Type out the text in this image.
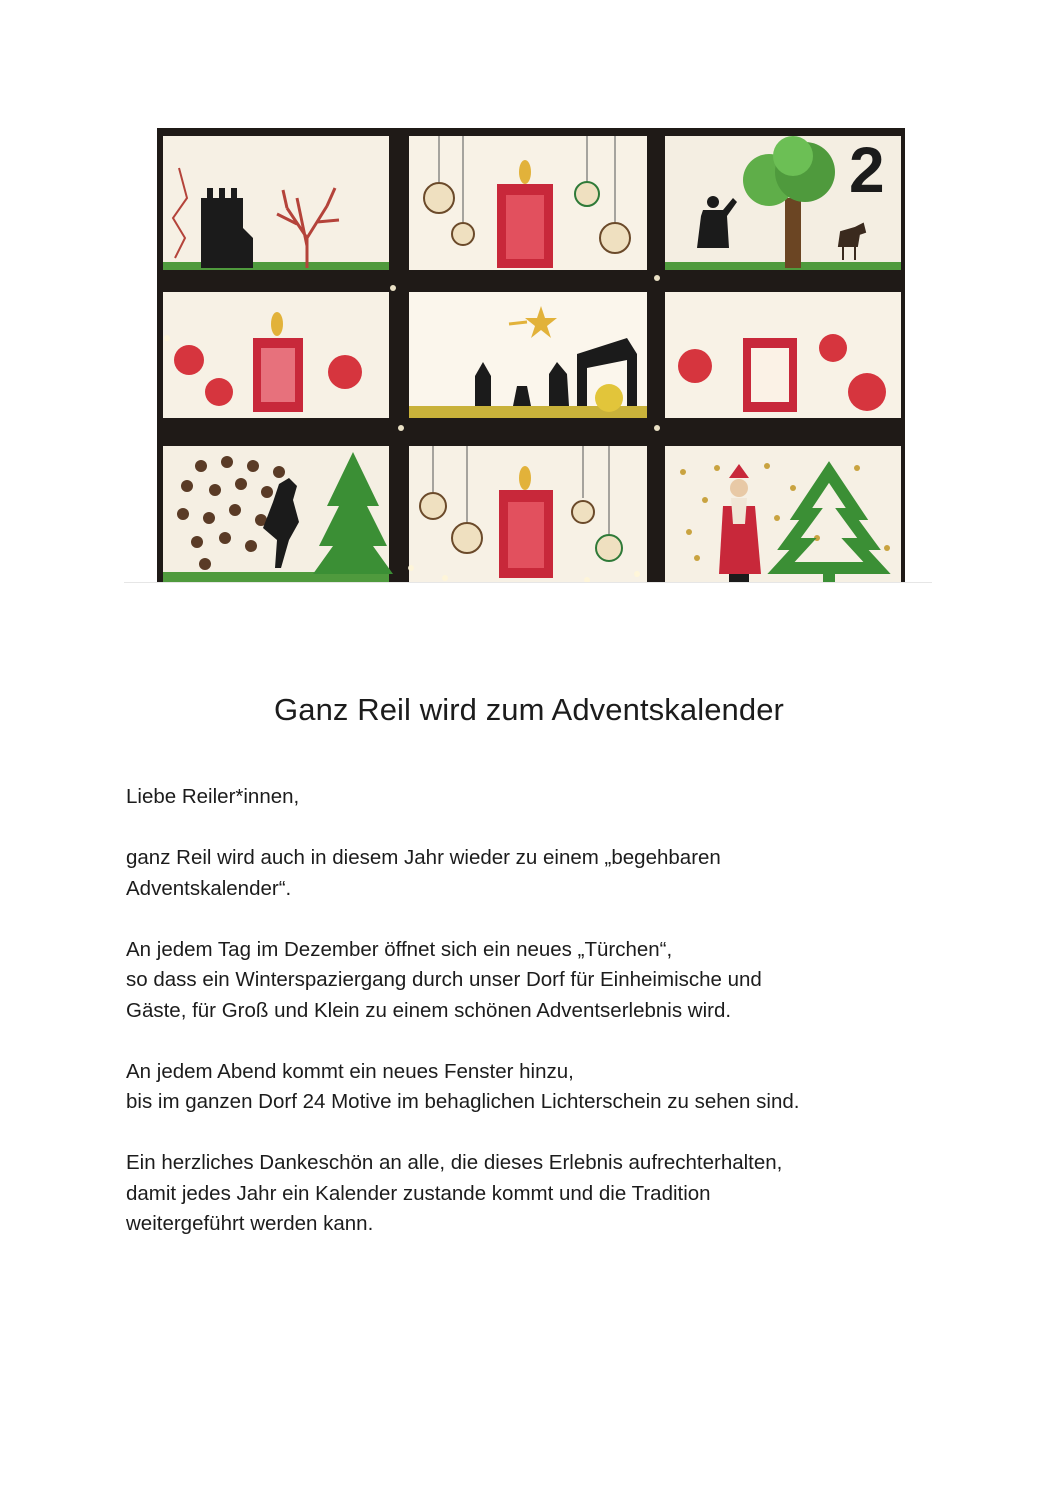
2
Ganz Reil wird zum Adventskalender

Liebe Reiler*innen,

ganz Reil wird auch in diesem Jahr wieder zu einem „begehbaren
Adventskalender“.

An jedem Tag im Dezember öffnet sich ein neues „Türchen“,
so dass ein Winterspaziergang durch unser Dorf für Einheimische und
Gäste, für Groß und Klein zu einem schönen Adventserlebnis wird.

An jedem Abend kommt ein neues Fenster hinzu,
bis im ganzen Dorf 24 Motive im behaglichen Lichterschein zu sehen sind.

Ein herzliches Dankeschön an alle, die dieses Erlebnis aufrechterhalten,
damit jedes Jahr ein Kalender zustande kommt und die Tradition
weitergeführt werden kann.
